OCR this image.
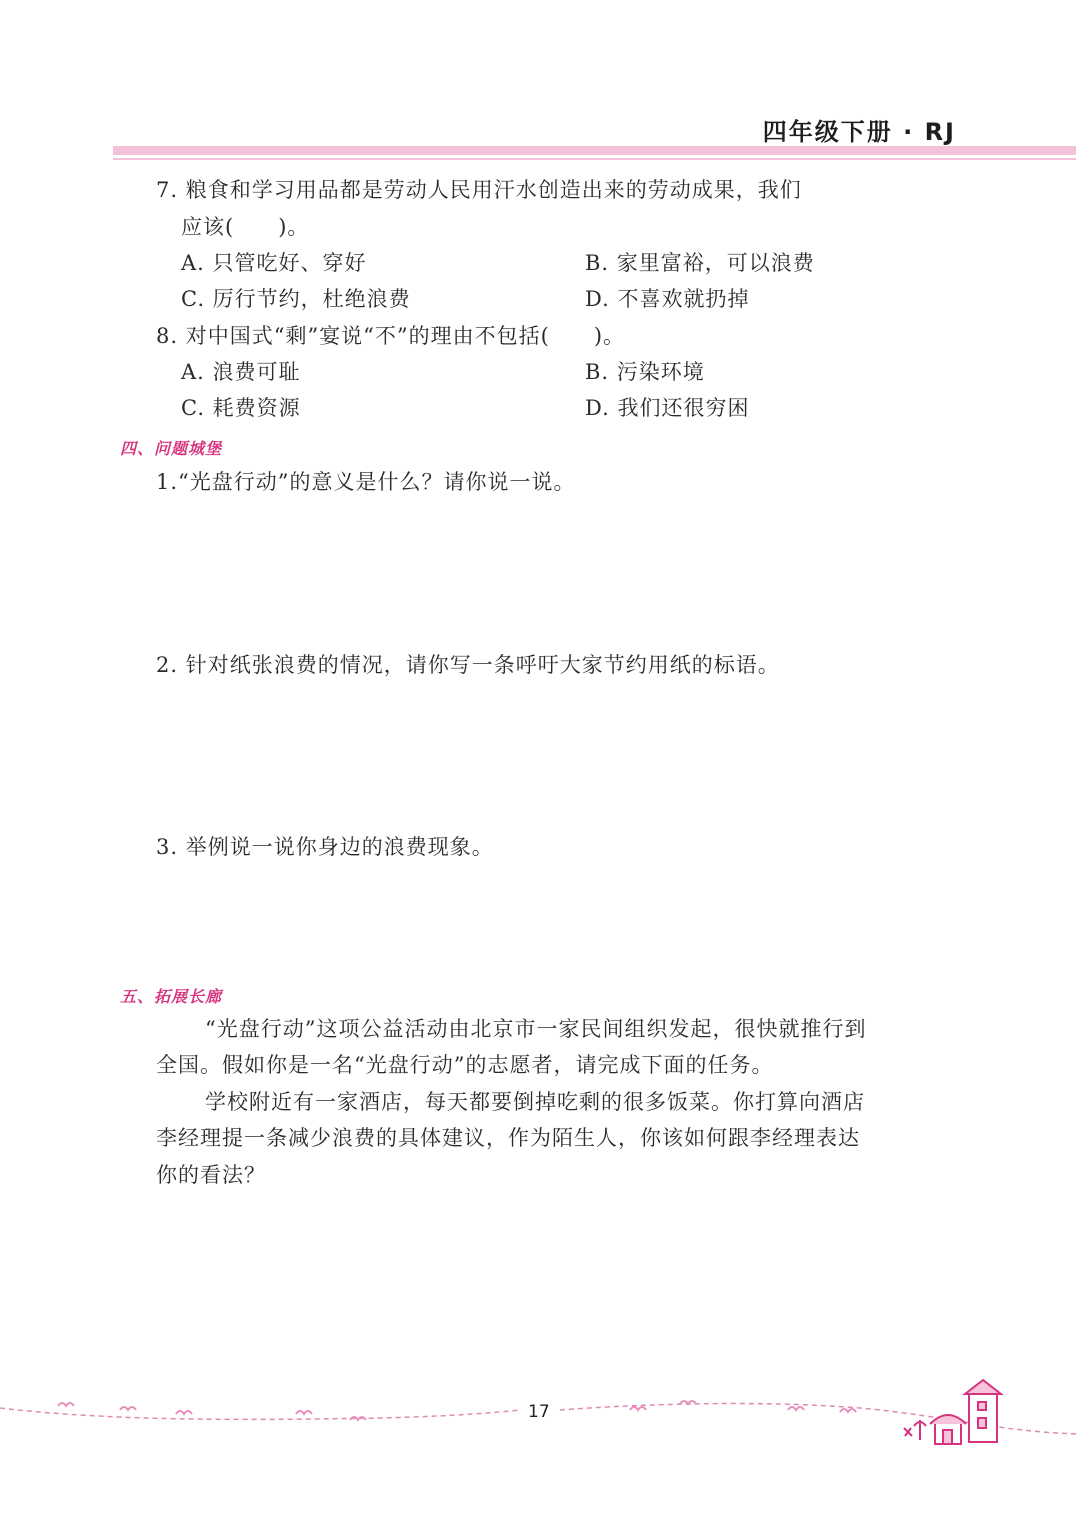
四年级下册 · RJ
7. 粮食和学习用品都是劳动人民用汗水创造出来的劳动成果，我们
应该(　　)。
A. 只管吃好、穿好	B. 家里富裕，可以浪费
C. 厉行节约，杜绝浪费	D. 不喜欢就扔掉
8. 对中国式“剩”宴说“不”的理由不包括(　　)。
A. 浪费可耻	B. 污染环境
C. 耗费资源	D. 我们还很穷困
四、问题城堡
1.“光盘行动”的意义是什么？请你说一说。
2. 针对纸张浪费的情况，请你写一条呼吁大家节约用纸的标语。
3. 举例说一说你身边的浪费现象。
五、拓展长廊
“光盘行动”这项公益活动由北京市一家民间组织发起，很快就推行到
全国。假如你是一名“光盘行动”的志愿者，请完成下面的任务。
学校附近有一家酒店，每天都要倒掉吃剩的很多饭菜。你打算向酒店
李经理提一条减少浪费的具体建议，作为陌生人，你该如何跟李经理表达
你的看法？
17
